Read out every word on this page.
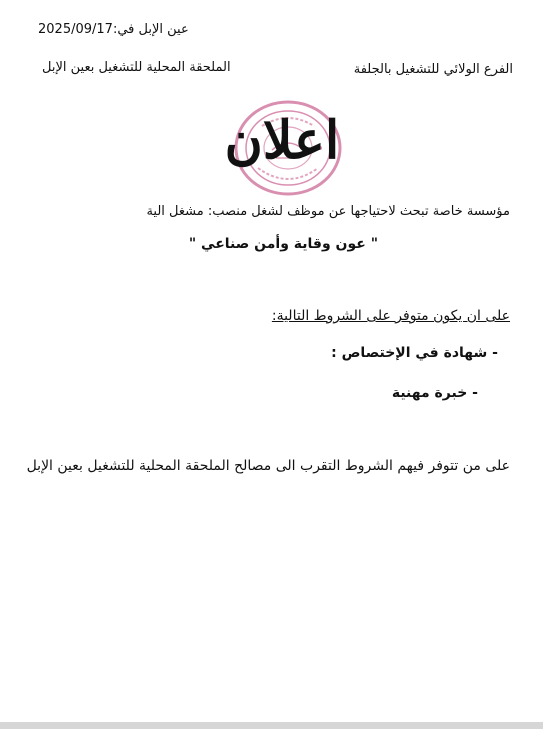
عين الإبل في:2025/09/17
الفرع الولائي للتشغيل بالجلفة
الملحقة المحلية للتشغيل بعين الإبل
اعلان
مؤسسة خاصة تبحث لاحتياجها عن موظف لشغل منصب: مشغل الية
" عون وقاية وأمن صناعي "
على ان يكون متوفر على الشروط التالية:
- شهادة في الإختصاص :
- خبرة مهنية
على من تتوفر فيهم الشروط التقرب الى مصالح الملحقة المحلية للتشغيل بعين الإبل
